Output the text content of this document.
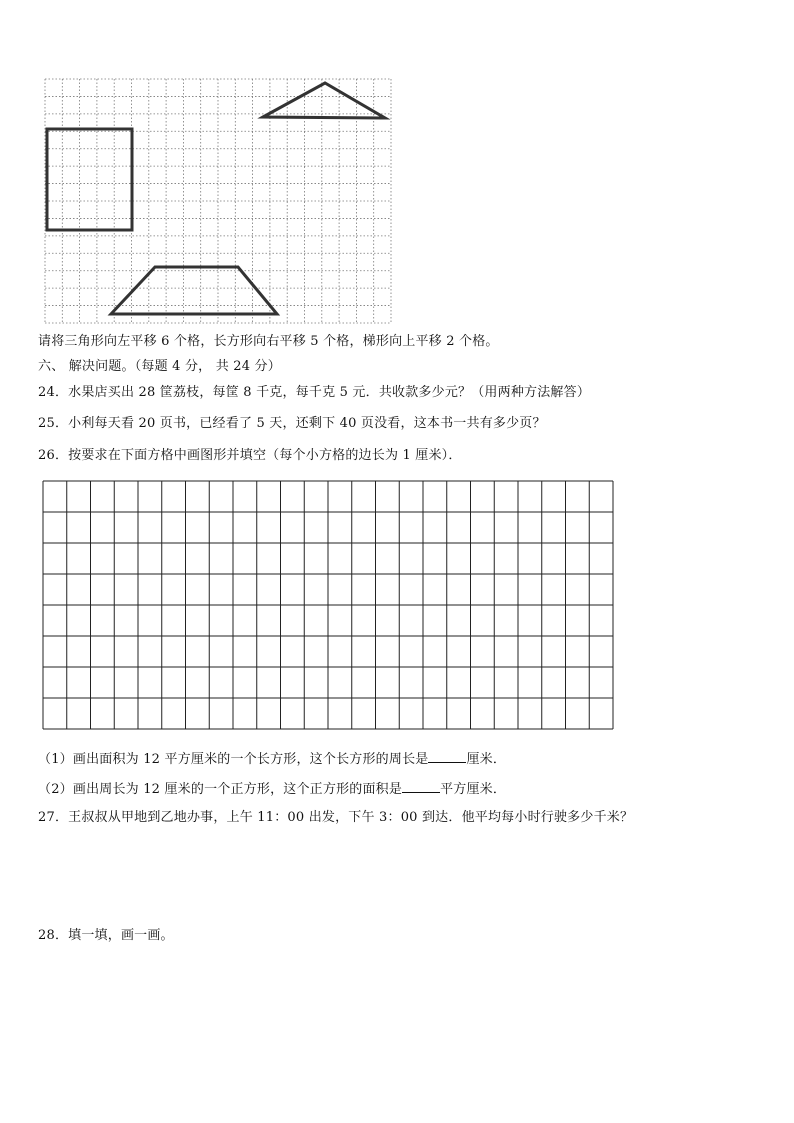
请将三角形向左平移 6 个格，长方形向右平移 5 个格，梯形向上平移 2 个格。
六、 解决问题。（每题 4 分， 共 24 分）
24．水果店买出 28 筐荔枝，每筐 8 千克，每千克 5 元．共收款多少元？（用两种方法解答）
25．小利每天看 20 页书，已经看了 5 天，还剩下 40 页没看，这本书一共有多少页？
26．按要求在下面方格中画图形并填空（每个小方格的边长为 1 厘米）．
（1）画出面积为 12 平方厘米的一个长方形，这个长方形的周长是	厘米．
（2）画出周长为 12 厘米的一个正方形，这个正方形的面积是	平方厘米．
27．王叔叔从甲地到乙地办事，上午 11：00 出发，下午 3：00 到达．他平均每小时行驶多少千米？
28．填一填，画一画。
